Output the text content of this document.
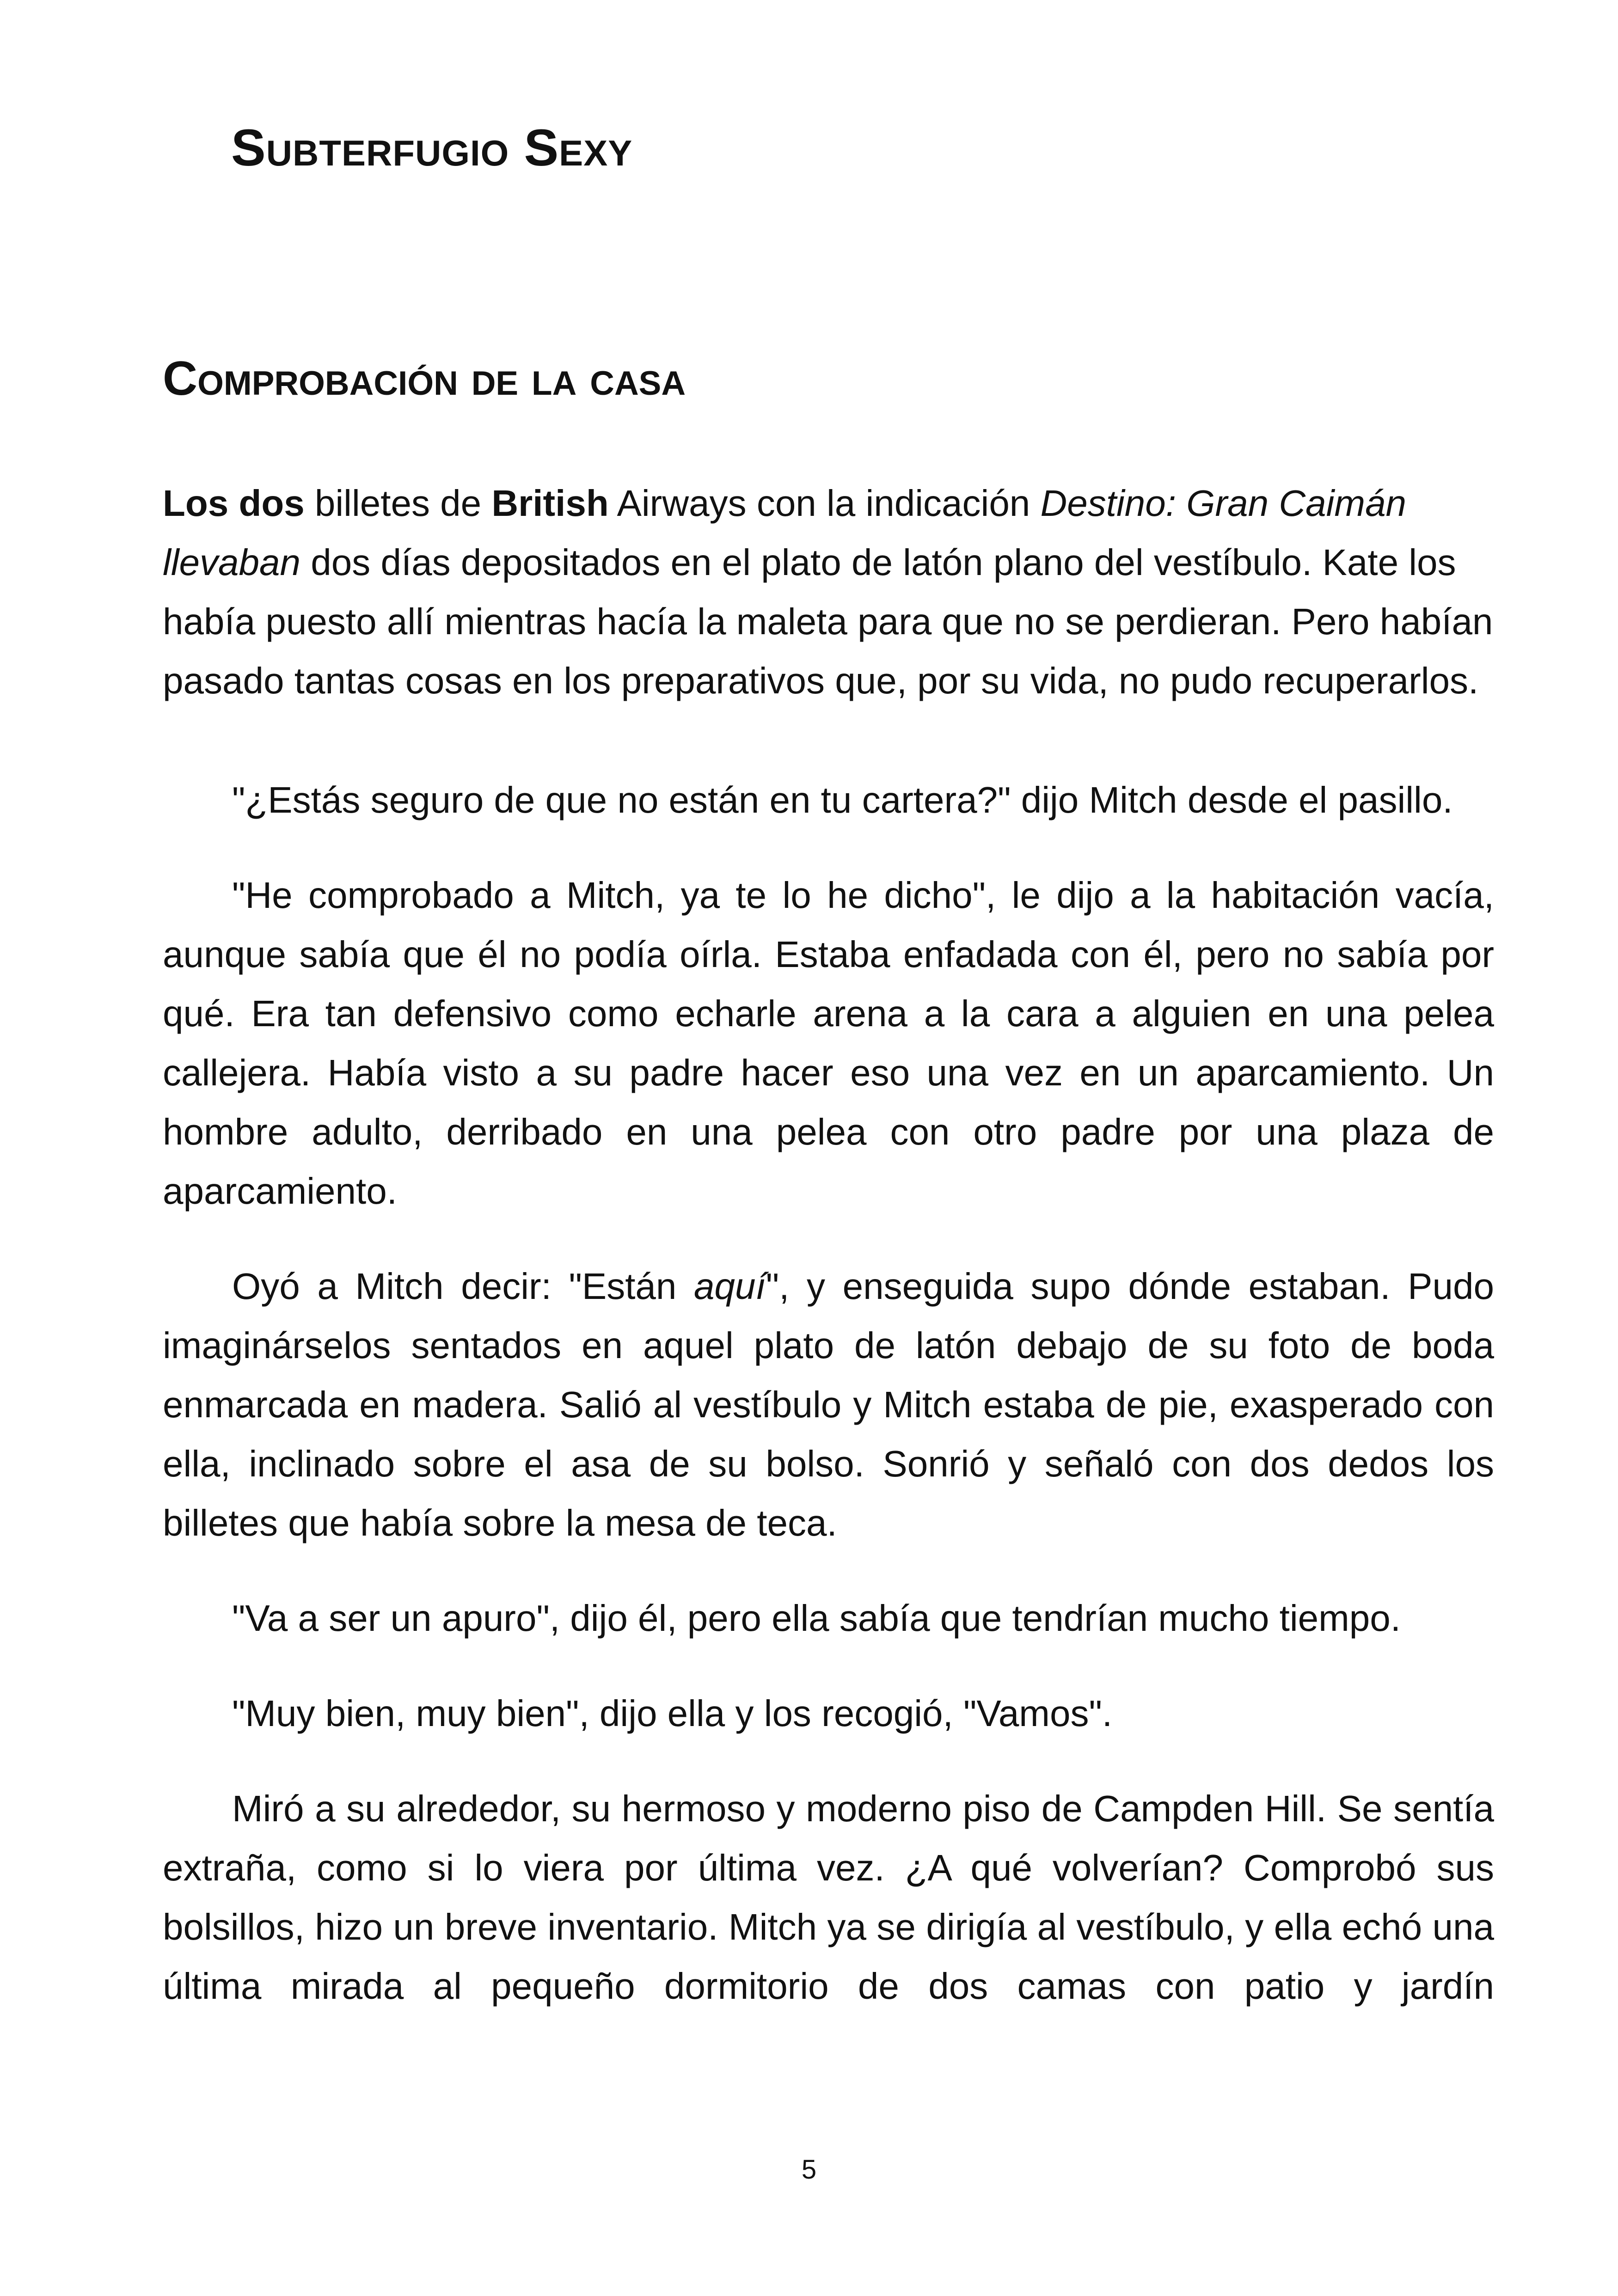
Subterfugio Sexy
Comprobación de la casa

Los dos billetes de British Airways con la indicación Destino: Gran Caimán llevaban dos días depositados en el plato de latón plano del vestíbulo. Kate los había puesto allí mientras hacía la maleta para que no se perdieran. Pero habían pasado tantas cosas en los preparativos que, por su vida, no pudo recuperarlos.

"¿Estás seguro de que no están en tu cartera?" dijo Mitch desde el pasillo.

"He comprobado a Mitch, ya te lo he dicho", le dijo a la habitación vacía, aunque sabía que él no podía oírla. Estaba enfadada con él, pero no sabía por qué. Era tan defensivo como echarle arena a la cara a alguien en una pelea callejera. Había visto a su padre hacer eso una vez en un aparcamiento. Un hombre adulto, derribado en una pelea con otro padre por una plaza de aparcamiento.

Oyó a Mitch decir: "Están aquí", y enseguida supo dónde estaban. Pudo imaginárselos sentados en aquel plato de latón debajo de su foto de boda enmarcada en madera. Salió al vestíbulo y Mitch estaba de pie, exasperado con ella, inclinado sobre el asa de su bolso. Sonrió y señaló con dos dedos los billetes que había sobre la mesa de teca.

"Va a ser un apuro", dijo él, pero ella sabía que tendrían mucho tiempo.

"Muy bien, muy bien", dijo ella y los recogió, "Vamos".

Miró a su alrededor, su hermoso y moderno piso de Campden Hill. Se sentía extraña, como si lo viera por última vez. ¿A qué volverían? Comprobó sus bolsillos, hizo un breve inventario. Mitch ya se dirigía al vestíbulo, y ella echó una última mirada al pequeño dormitorio de dos camas con patio y jardín

5
